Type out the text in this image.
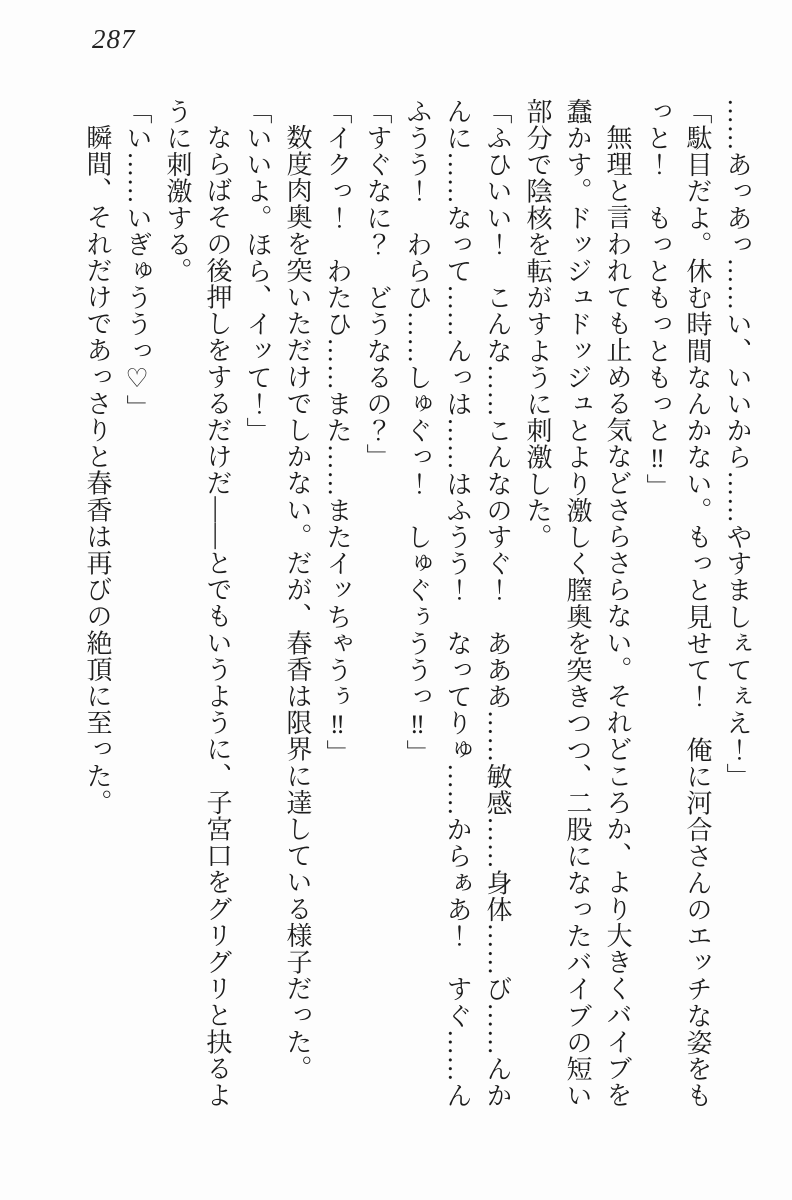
287

……あっあっ……い、いいから……やすましぇてぇえ！」

「駄目だよ。休む時間なんかない。もっと見せて！　俺に河合さんのエッチな姿をも

っと！　もっともっともっと‼」

無理と言われても止める気などさらさらない。それどころか、より大きくバイブを

蠢かす。ドッジュドッジュとより激しく膣奥を突きつつ、二股になったバイブの短い

部分で陰核を転がすように刺激した。

「ふひいい！　こんな……こんなのすぐ！　あああ……敏感……身体……び……んか

んに……なって……んっは……はふうう！　なってりゅ……からぁあ！　すぐ……ん

ふうう！　わらひ……しゅぐっ！　しゅぐぅううっ‼」

「すぐなに？　どうなるの？」

「イクっ！　わたひ……また……またイッちゃうぅ‼」

数度肉奥を突いただけでしかない。だが、春香は限界に達している様子だった。

「いいよ。ほら、イッて！」

ならばその後押しをするだけだ――とでもいうように、子宮口をグリグリと抉るよ

うに刺激する。

「い……いぎゅううっ♡」

瞬間、それだけであっさりと春香は再びの絶頂に至った。
